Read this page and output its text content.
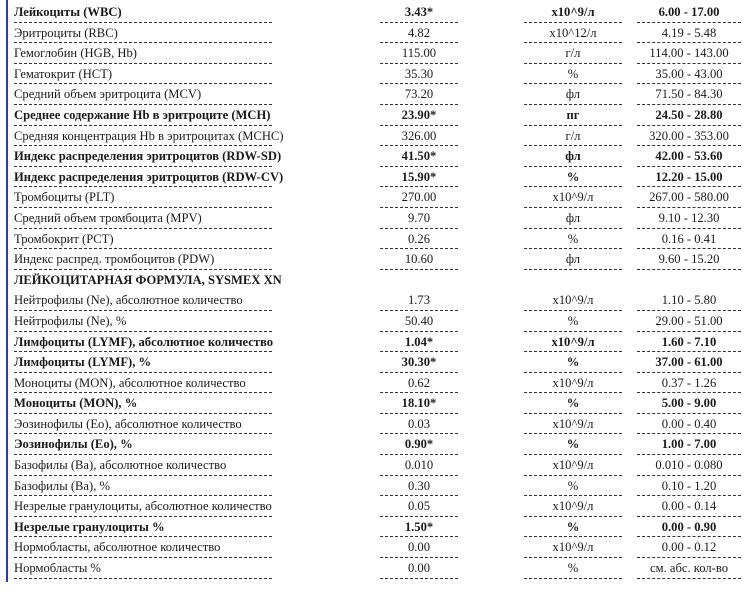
Лейкоциты (WBC)	3.43*	x10^9/л	6.00 - 17.00
Эритроциты (RBC)	4.82	x10^12/л	4.19 - 5.48
Гемоглобин (HGB, Hb)	115.00	г/л	114.00 - 143.00
Гематокрит (HCT)	35.30	%	35.00 - 43.00
Средний объем эритроцита (MCV)	73.20	фл	71.50 - 84.30
Среднее содержание Hb в эритроците (MCH)	23.90*	пг	24.50 - 28.80
Средняя концентрация Hb в эритроцитах (MCHC)	326.00	г/л	320.00 - 353.00
Индекс распределения эритроцитов (RDW-SD)	41.50*	фл	42.00 - 53.60
Индекс распределения эритроцитов (RDW-CV)	15.90*	%	12.20 - 15.00
Тромбоциты (PLT)	270.00	x10^9/л	267.00 - 580.00
Средний объем тромбоцита (MPV)	9.70	фл	9.10 - 12.30
Тромбокрит (PCT)	0.26	%	0.16 - 0.41
Индекс распред. тромбоцитов (PDW)	10.60	фл	9.60 - 15.20
ЛЕЙКОЦИТАРНАЯ ФОРМУЛА, SYSMEX XN
Нейтрофилы (Ne), абсолютное количество	1.73	x10^9/л	1.10 - 5.80
Нейтрофилы (Ne), %	50.40	%	29.00 - 51.00
Лимфоциты (LYMF), абсолютное количество	1.04*	x10^9/л	1.60 - 7.10
Лимфоциты (LYMF), %	30.30*	%	37.00 - 61.00
Моноциты (MON), абсолютное количество	0.62	x10^9/л	0.37 - 1.26
Моноциты (MON), %	18.10*	%	5.00 - 9.00
Эозинофилы (Eo), абсолютное количество	0.03	x10^9/л	0.00 - 0.40
Эозинофилы (Eo), %	0.90*	%	1.00 - 7.00
Базофилы (Ba), абсолютное количество	0.010	x10^9/л	0.010 - 0.080
Базофилы (Ba), %	0.30	%	0.10 - 1.20
Незрелые гранулоциты, абсолютное количество	0.05	x10^9/л	0.00 - 0.14
Незрелые гранулоциты %	1.50*	%	0.00 - 0.90
Нормобласты, абсолютное количество	0.00	x10^9/л	0.00 - 0.12
Нормобласты %	0.00	%	см. абс. кол-во
